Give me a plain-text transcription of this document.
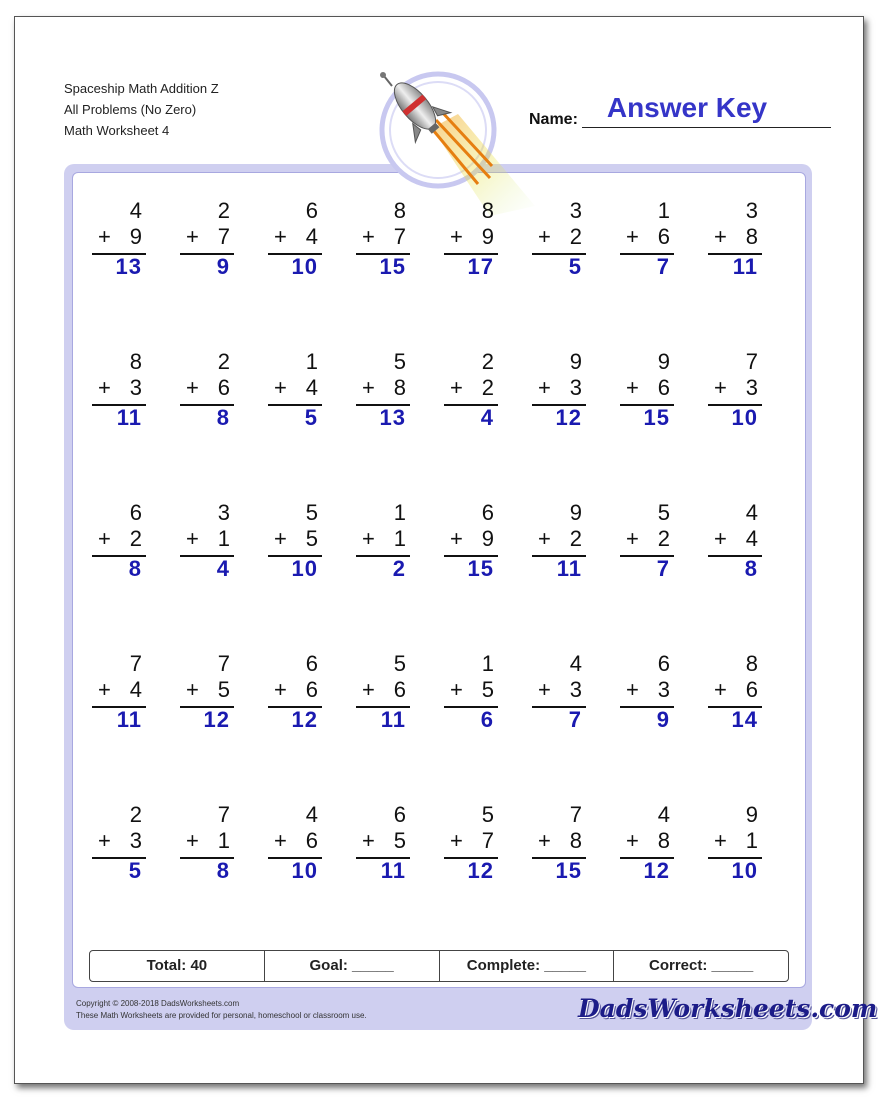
Spaceship Math Addition Z
All Problems (No Zero)
Math Worksheet 4
Name:	Answer Key
4
+ 9
13
2
+ 7
9
6
+ 4
10
8
+ 7
15
8
+ 9
17
3
+ 2
5
1
+ 6
7
3
+ 8
11
8
+ 3
11
2
+ 6
8
1
+ 4
5
5
+ 8
13
2
+ 2
4
9
+ 3
12
9
+ 6
15
7
+ 3
10
6
+ 2
8
3
+ 1
4
5
+ 5
10
1
+ 1
2
6
+ 9
15
9
+ 2
11
5
+ 2
7
4
+ 4
8
7
+ 4
11
7
+ 5
12
6
+ 6
12
5
+ 6
11
1
+ 5
6
4
+ 3
7
6
+ 3
9
8
+ 6
14
2
+ 3
5
7
+ 1
8
4
+ 6
10
6
+ 5
11
5
+ 7
12
7
+ 8
15
4
+ 8
12
9
+ 1
10
Total: 40	Goal: _____	Complete: _____	Correct: _____
Copyright © 2008-2018 DadsWorksheets.com
These Math Worksheets are provided for personal, homeschool or classroom use.	DadsWorksheets.com
